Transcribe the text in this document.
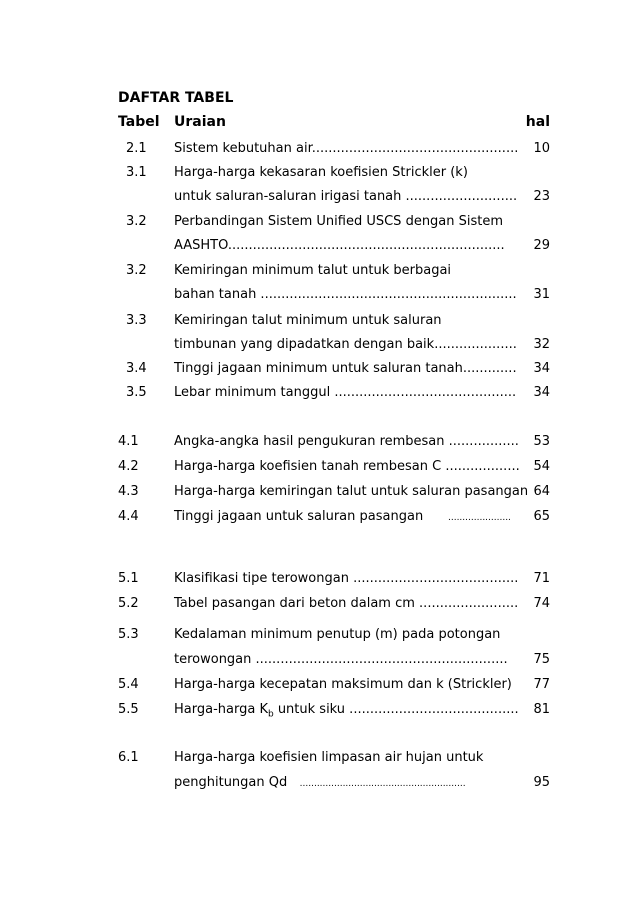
DAFTAR TABEL
Tabel Uraian	hal
2.1 Sistem kebutuhan air.................................................. 10
3.1 Harga-harga kekasaran koefisien Strickler (k)
untuk saluran-saluran irigasi tanah ........................... 23
3.2 Perbandingan Sistem Unified USCS dengan Sistem
AASHTO................................................................... 29
3.2 Kemiringan minimum talut untuk berbagai
bahan tanah .............................................................. 31
3.3 Kemiringan talut minimum untuk saluran
timbunan yang dipadatkan dengan baik.................... 32
3.4 Tinggi jagaan minimum untuk saluran tanah............. 34
3.5 Lebar minimum tanggul ............................................ 34
4.1	Angka-angka hasil pengukuran rembesan ................. 53
4.2	Harga-harga koefisien tanah rembesan C .................. 54
4.3	Harga-harga kemiringan talut untuk saluran pasangan 64
4.4	Tinggi jagaan untuk saluran pasangan	...................... 65
5.1	Klasifikasi tipe terowongan ........................................ 71
5.2	Tabel pasangan dari beton dalam cm ........................ 74
5.3	Kedalaman minimum penutup (m) pada potongan
terowongan ............................................................. 75
5.4	Harga-harga kecepatan maksimum dan k (Strickler) 77
5.5	Harga-harga $K_b$ untuk siku ......................................... 81
6.1	Harga-harga koefisien limpasan air hujan untuk
penghitungan Qd ..........................................................	95
